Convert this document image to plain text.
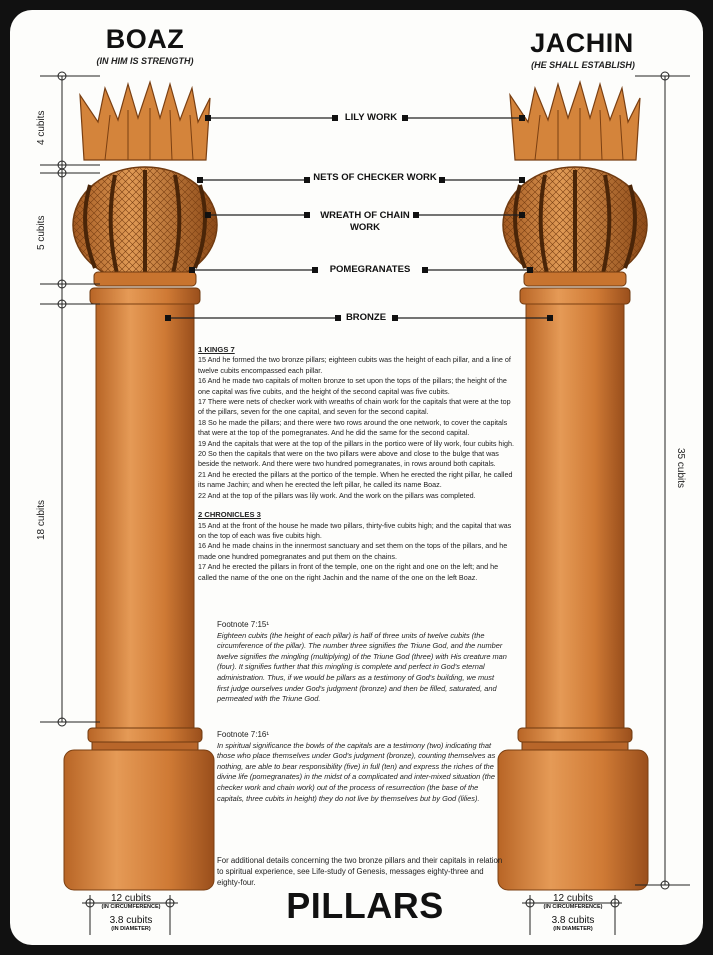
BOAZ
(IN HIM IS STRENGTH)
JACHIN
(HE SHALL ESTABLISH)
LILY WORK
NETS OF CHECKER WORK
WREATH OF CHAIN WORK
POMEGRANATES
BRONZE
4 cubits
5 cubits
18 cubits
35 cubits

1 KINGS 7

15 And he formed the two bronze pillars; eighteen cubits was the height of each pillar, and a line of twelve cubits encompassed each pillar.

16 And he made two capitals of molten bronze to set upon the tops of the pillars; the height of the one capital was five cubits, and the height of the second capital was five cubits.

17 There were nets of checker work with wreaths of chain work for the capitals that were at the top of the pillars, seven for the one capital, and seven for the second capital.

18 So he made the pillars; and there were two rows around the one network, to cover the capitals that were at the top of the pomegranates. And he did the same for the second capital.

19 And the capitals that were at the top of the pillars in the portico were of lily work, four cubits high.

20 So then the capitals that were on the two pillars were above and close to the bulge that was beside the network. And there were two hundred pomegranates, in rows around both capitals.

21 And he erected the pillars at the portico of the temple. When he erected the right pillar, he called its name Jachin; and when he erected the left pillar, he called its name Boaz.

22 And at the top of the pillars was lily work. And the work on the pillars was completed.

2 CHRONICLES 3

15 And at the front of the house he made two pillars, thirty-five cubits high; and the capital that was on the top of each was five cubits high.

16 And he made chains in the innermost sanctuary and set them on the tops of the pillars, and he made one hundred pomegranates and put them on the chains.

17 And he erected the pillars in front of the temple, one on the right and one on the left; and he called the name of the one on the right Jachin and the name of the one on the left Boaz.

Footnote 7:15¹
Eighteen cubits (the height of each pillar) is half of three units of twelve cubits (the circumference of the pillar). The number three signifies the Triune God, and the number twelve signifies the mingling (multiplying) of the Triune God (three) with His creature man (four). It signifies further that this mingling is complete and perfect in God's eternal administration. Thus, if we would be pillars as a testimony of God's building, we must first judge ourselves under God's judgment (bronze) and then be filled, saturated, and permeated with the Triune God.
Footnote 7:16¹
In spiritual significance the bowls of the capitals are a testimony (two) indicating that those who place themselves under God's judgment (bronze), counting themselves as nothing, are able to bear responsibility (five) in full (ten) and express the riches of the divine life (pomegranates) in the midst of a complicated and inter-mixed situation (the checker work and chain work) out of the process of resurrection (the base of the capitals, three cubits in height) they do not live by themselves but by God (lilies).
For additional details concerning the two bronze pillars and their capitals in relation to spiritual experience, see Life-study of Genesis, messages eighty-three and eighty-four.
PILLARS
12 cubits
(IN CIRCUMFERENCE)
3.8 cubits
(IN DIAMETER)
12 cubits
(IN CIRCUMFERENCE)
3.8 cubits
(IN DIAMETER)
